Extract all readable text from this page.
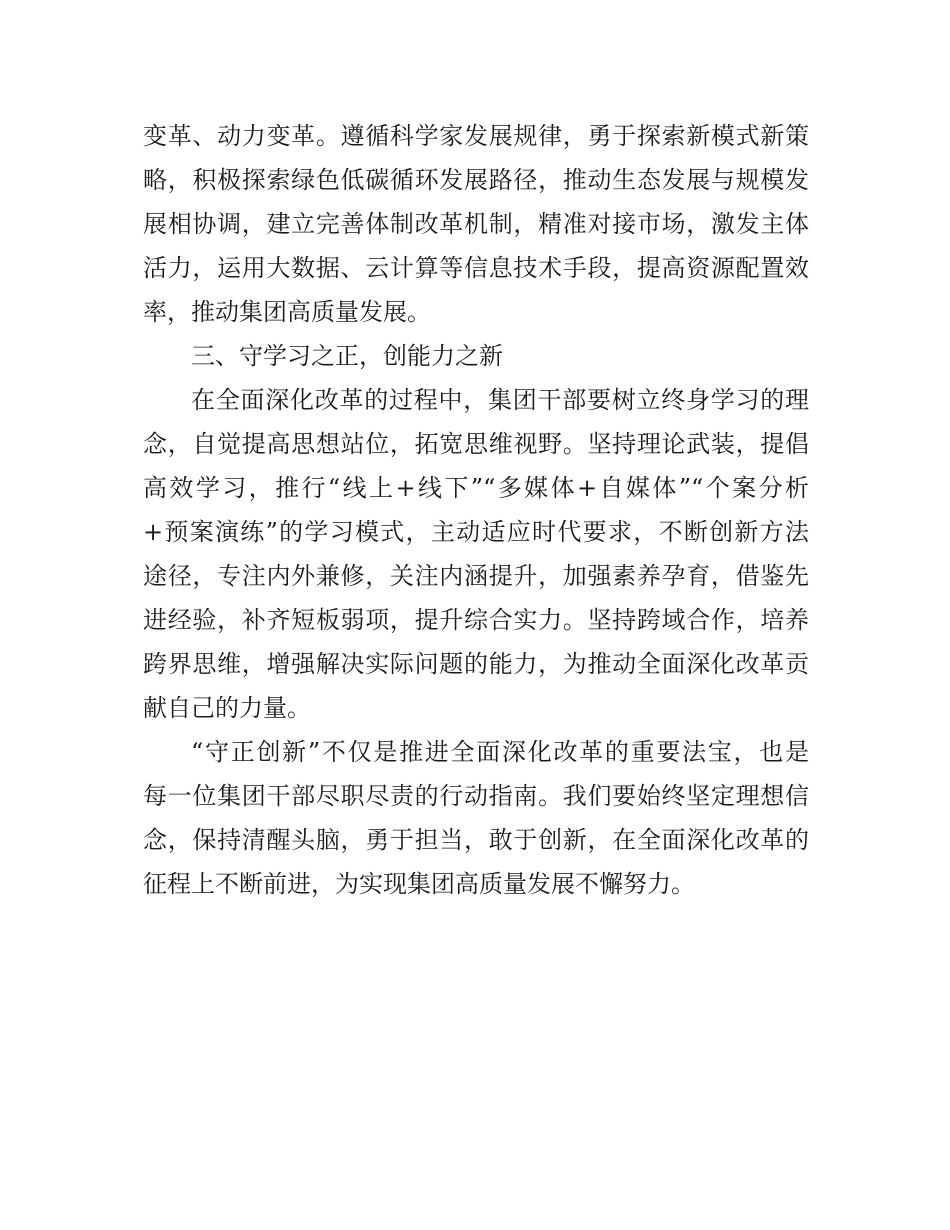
变革、动力变革。遵循科学家发展规律，勇于探索新模式新策
略，积极探索绿色低碳循环发展路径，推动生态发展与规模发
展相协调，建立完善体制改革机制，精准对接市场，激发主体
活力，运用大数据、云计算等信息技术手段，提高资源配置效
率，推动集团高质量发展。
三、守学习之正，创能力之新
在全面深化改革的过程中，集团干部要树立终身学习的理
念，自觉提高思想站位，拓宽思维视野。坚持理论武装，提倡
高效学习，推行“线上+线下”“多媒体+自媒体”“个案分析
+预案演练”的学习模式，主动适应时代要求，不断创新方法
途径，专注内外兼修，关注内涵提升，加强素养孕育，借鉴先
进经验，补齐短板弱项，提升综合实力。坚持跨域合作，培养
跨界思维，增强解决实际问题的能力，为推动全面深化改革贡
献自己的力量。
“守正创新”不仅是推进全面深化改革的重要法宝，也是
每一位集团干部尽职尽责的行动指南。我们要始终坚定理想信
念，保持清醒头脑，勇于担当，敢于创新，在全面深化改革的
征程上不断前进，为实现集团高质量发展不懈努力。
